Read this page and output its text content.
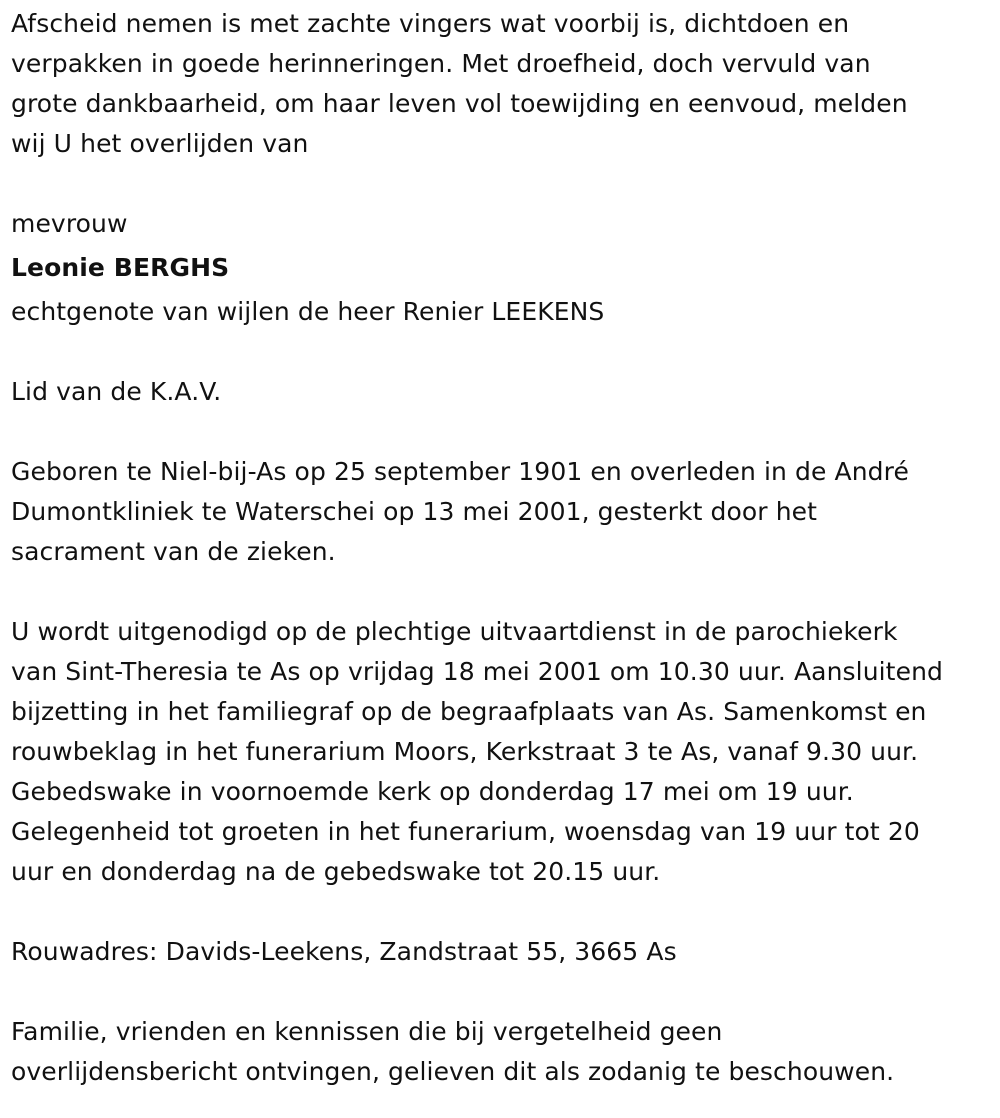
Afscheid nemen is met zachte vingers wat voorbij is, dichtdoen en
verpakken in goede herinneringen. Met droefheid, doch vervuld van
grote dankbaarheid, om haar leven vol toewijding en eenvoud, melden
wij U het overlijden van

mevrouw

Leonie BERGHS

echtgenote van wijlen de heer Renier LEEKENS

Lid van de K.A.V.

Geboren te Niel-bij-As op 25 september 1901 en overleden in de André
Dumontkliniek te Waterschei op 13 mei 2001, gesterkt door het
sacrament van de zieken.

U wordt uitgenodigd op de plechtige uitvaartdienst in de parochiekerk
van Sint-Theresia te As op vrijdag 18 mei 2001 om 10.30 uur. Aansluitend
bijzetting in het familiegraf op de begraafplaats van As. Samenkomst en
rouwbeklag in het funerarium Moors, Kerkstraat 3 te As, vanaf 9.30 uur.
Gebedswake in voornoemde kerk op donderdag 17 mei om 19 uur.
Gelegenheid tot groeten in het funerarium, woensdag van 19 uur tot 20
uur en donderdag na de gebedswake tot 20.15 uur.

Rouwadres: Davids-Leekens, Zandstraat 55, 3665 As

Familie, vrienden en kennissen die bij vergetelheid geen
overlijdensbericht ontvingen, gelieven dit als zodanig te beschouwen.
